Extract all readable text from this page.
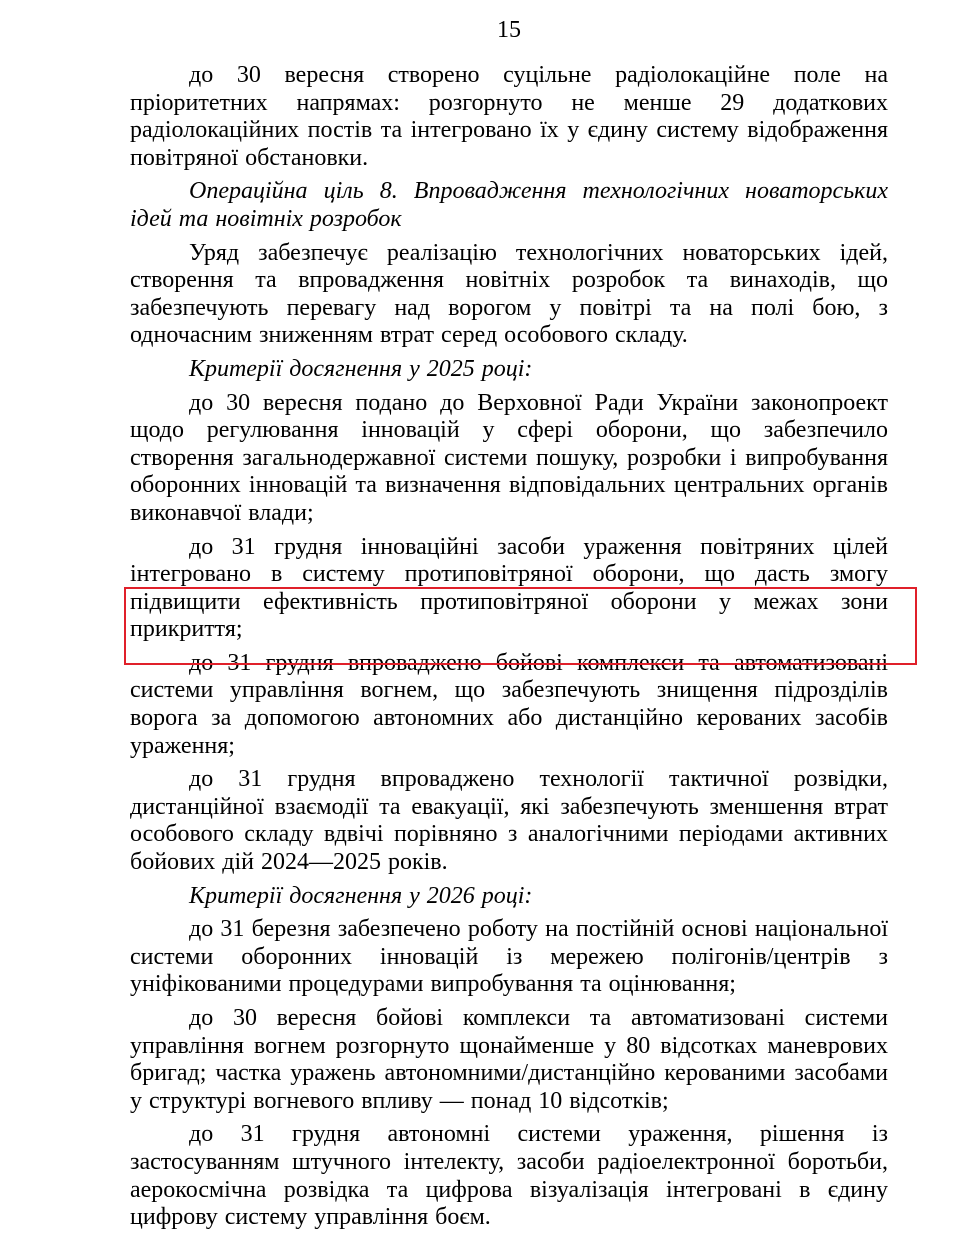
15

до 30 вересня створено суцільне радіолокаційне поле на пріоритетних напрямах: розгорнуто не менше 29 додаткових радіолокаційних постів та інтегровано їх у єдину систему відображення повітряної обстановки.

Операційна ціль 8. Впровадження технологічних новаторських ідей та новітніх розробок

Уряд забезпечує реалізацію технологічних новаторських ідей, створення та впровадження новітніх розробок та винаходів, що забезпечують перевагу над ворогом у повітрі та на полі бою, з одночасним зниженням втрат серед особового складу.

Критерії досягнення у 2025 році:

до 30 вересня подано до Верховної Ради України законопроект щодо регулювання інновацій у сфері оборони, що забезпечило створення загальнодержавної системи пошуку, розробки і випробування оборонних інновацій та визначення відповідальних центральних органів виконавчої влади;

до 31 грудня інноваційні засоби ураження повітряних цілей інтегровано в систему протиповітряної оборони, що дасть змогу підвищити ефективність протиповітряної оборони у межах зони прикриття;

до 31 грудня впроваджено бойові комплекси та автоматизовані системи управління вогнем, що забезпечують знищення підрозділів ворога за допомогою автономних або дистанційно керованих засобів ураження;

до 31 грудня впроваджено технології тактичної розвідки, дистанційної взаємодії та евакуації, які забезпечують зменшення втрат особового складу вдвічі порівняно з аналогічними періодами активних бойових дій 2024—2025 років.

Критерії досягнення у 2026 році:

до 31 березня забезпечено роботу на постійній основі національної системи оборонних інновацій із мережею полігонів/центрів з уніфікованими процедурами випробування та оцінювання;

до 30 вересня бойові комплекси та автоматизовані системи управління вогнем розгорнуто щонайменше у 80 відсотках маневрових бригад; частка уражень автономними/дистанційно керованими засобами у структурі вогневого впливу — понад 10 відсотків;

до 31 грудня автономні системи ураження, рішення із застосуванням штучного інтелекту, засоби радіоелектронної боротьби, аерокосмічна розвідка та цифрова візуалізація інтегровані в єдину цифрову систему управління боєм.
